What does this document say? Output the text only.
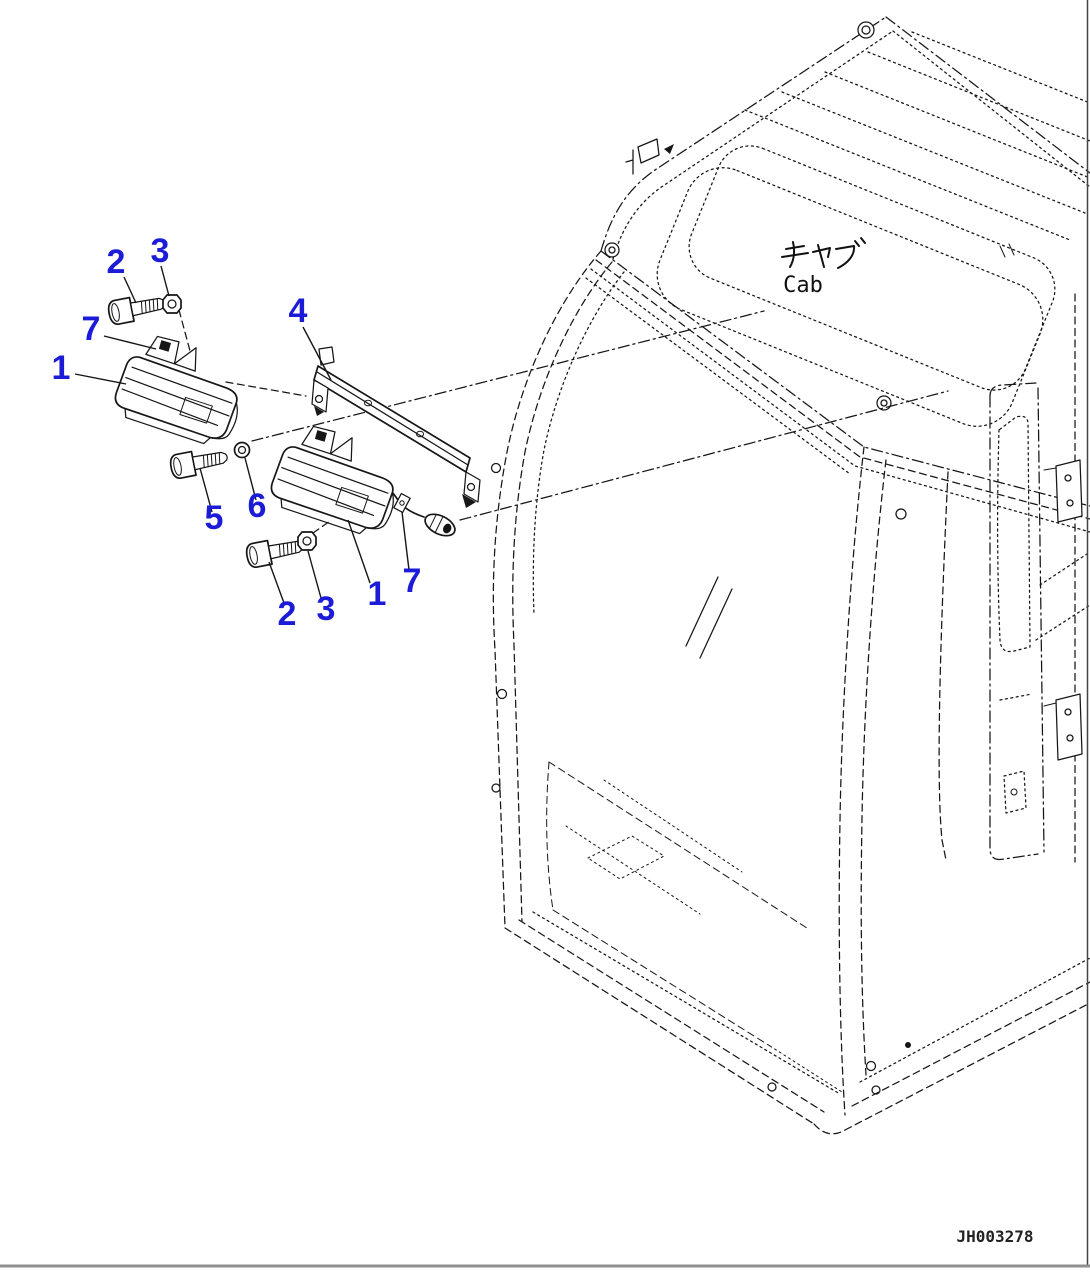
2 3
7
1
4
5 6
2 3 1 7
Cab
JH003278
